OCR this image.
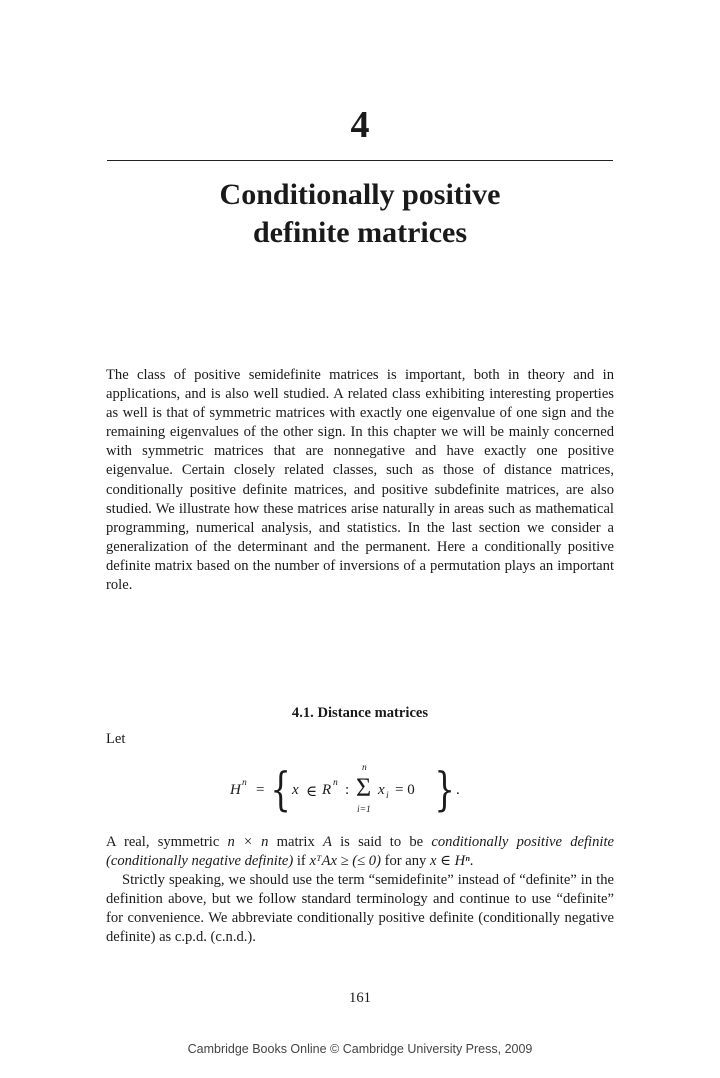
4
Conditionally positive
definite matrices

The class of positive semidefinite matrices is important, both in theory and in applications, and is also well studied. A related class exhibiting interesting properties as well is that of symmetric matrices with exactly one eigenvalue of one sign and the remaining eigenvalues of the other sign. In this chapter we will be mainly concerned with symmetric matrices that are nonnegative and have exactly one positive eigenvalue. Certain closely related classes, such as those of distance matrices, conditionally positive definite matrices, and positive subdefinite matrices, are also studied. We illustrate how these matrices arise naturally in areas such as mathematical programming, numerical analysis, and statistics. In the last section we consider a generalization of the determinant and the permanent. Here a conditionally positive definite matrix based on the number of inversions of a permutation plays an important role.

4.1. Distance matrices
Let
H n = { x ∈ R n :
n
Σ
i=1
x i = 0 } .

A real, symmetric n × n matrix A is said to be conditionally positive definite (conditionally negative definite) if xᵀAx ≥ (≤ 0) for any x ∈ Hⁿ.

Strictly speaking, we should use the term “semidefinite” instead of “definite” in the definition above, but we follow standard terminology and continue to use “definite” for convenience. We abbreviate conditionally positive definite (conditionally negative definite) as c.p.d. (c.n.d.).

161
Cambridge Books Online © Cambridge University Press, 2009
